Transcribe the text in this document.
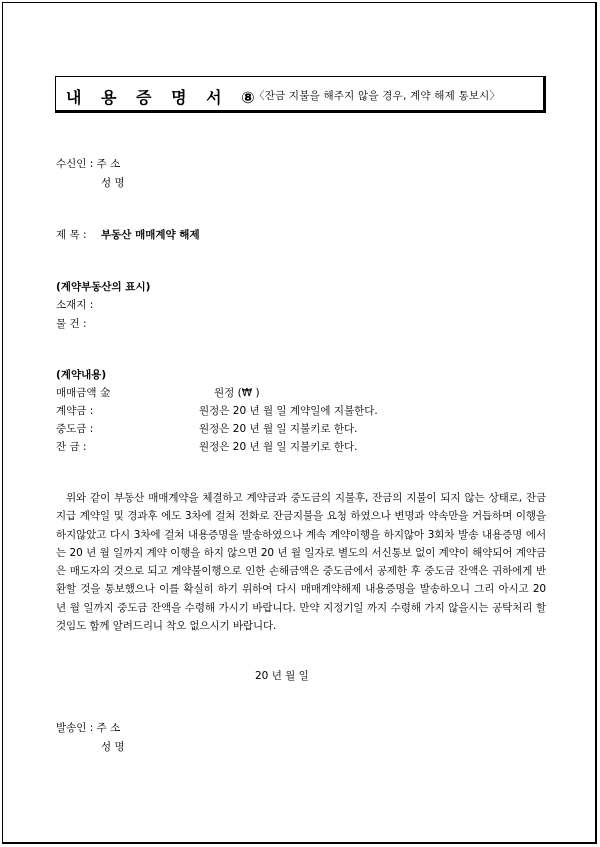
내 용 증 명 서 ⑧
〈잔금 지불을 해주지 않을 경우, 계약 해제 통보시〉
수신인 : 주 소
성 명
제 목 : 부동산 매매계약 해제
(계약부동산의 표시)
소재지 :
물 건 :
(계약내용)
매매금액 金	원정 (₩ )
계약금 :	원정은 20 년 월 일 계약일에 지불한다.
중도금 :	원정은 20 년 월 일 지불키로 한다.
잔 금 :	원정은 20 년 월 일 지불키로 한다.
위와 같이 부동산 매매계약을 체결하고 계약금과 중도금의 지불후, 잔금의 지불이 되지 않는 상태로, 잔금지급 계약일 및 경과후 에도 3차에 걸쳐 전화로 잔금지불을 요청 하였으나 변명과 약속만을 거듭하며 이행을 하지않았고 다시 3차에 걸쳐 내용증명을 발송하였으나 계속 계약이행을 하지않아 3회차 발송 내용증명 에서는 20 년 월 일까지 계약 이행을 하지 않으면 20 년 월 일자로 별도의 서신통보 없이 계약이 해약되어 계약금은 매도자의 것으로 되고 계약불이행으로 인한 손해금액은 중도금에서 공제한 후 중도금 잔액은 귀하에게 반환할 것을 통보했으나 이를 확실히 하기 위하여 다시 매매계약해제 내용증명을 발송하오니 그리 아시고 20 년 월 일까지 중도금 잔액을 수령해 가시기 바랍니다. 만약 지정기일 까지 수령해 가지 않을시는 공탁처리 할것임도 함께 알려드리니 착오 없으시기 바랍니다.
20 년 월 일
발송인 : 주 소
성 명
